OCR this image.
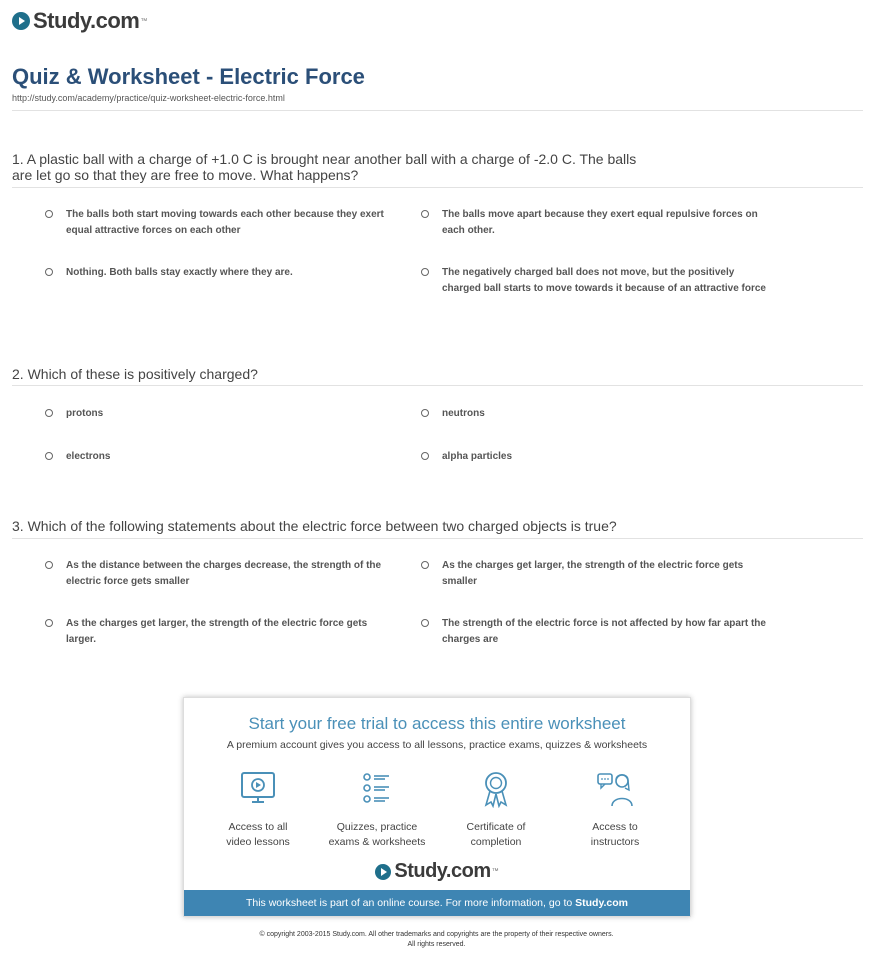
Study.com ™
Quiz & Worksheet - Electric Force
http://study.com/academy/practice/quiz-worksheet-electric-force.html
1. A plastic ball with a charge of +1.0 C is brought near another ball with a charge of -2.0 C. The balls
are let go so that they are free to move. What happens?
The balls both start moving towards each other because they exert equal attractive forces on each other
The balls move apart because they exert equal repulsive forces on each other.
Nothing. Both balls stay exactly where they are.	The negatively charged ball does not move, but the positively charged ball starts to move towards it because of an attractive force
2. Which of these is positively charged?
protons	neutrons
electrons	alpha particles
3. Which of the following statements about the electric force between two charged objects is true?
As the distance between the charges decrease, the strength of the electric force gets smaller
As the charges get larger, the strength of the electric force gets smaller
As the charges get larger, the strength of the electric force gets larger.
The strength of the electric force is not affected by how far apart the charges are
Start your free trial to access this entire worksheet
A premium account gives you access to all lessons, practice exams, quizzes & worksheets
Access to all
video lessons
Quizzes, practice
exams & worksheets
Certificate of
completion
Access to
instructors
Study.com ™
This worksheet is part of an online course. For more information, go to Study.com
© copyright 2003-2015 Study.com. All other trademarks and copyrights are the property of their respective owners.
All rights reserved.
